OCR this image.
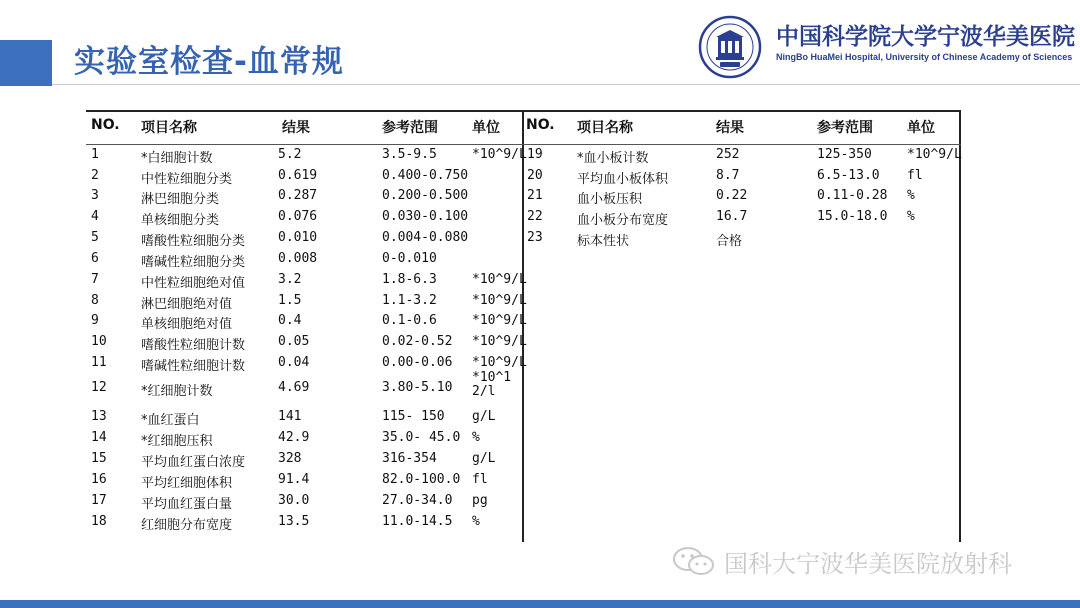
实验室检查-血常规
中国科学院大学宁波华美医院
NingBo HuaMei Hospital, University of Chinese Academy of Sciences
NO. 项目名称	结果	参考范围 单位 NO. 项目名称	结果	参考范围 单位
1	*白细胞计数	5.2	3.5-9.5	*10^9/L
2	中性粒细胞分类	0.619	0.400-0.750
3	淋巴细胞分类	0.287	0.200-0.500
4	单核细胞分类	0.076	0.030-0.100
5	嗜酸性粒细胞分类	0.010	0.004-0.080
6	嗜碱性粒细胞分类	0.008	0-0.010
7	中性粒细胞绝对值	3.2	1.8-6.3	*10^9/L
8	淋巴细胞绝对值	1.5	1.1-3.2	*10^9/L
9	单核细胞绝对值	0.4	0.1-0.6	*10^9/L
10	嗜酸性粒细胞计数	0.05	0.02-0.52 *10^9/L
11	嗜碱性粒细胞计数	0.04	0.00-0.06 *10^9/L
12	*红细胞计数	4.69	3.80-5.10
*10^12/l
13	*血红蛋白	141	115- 150 g/L
14	*红细胞压积	42.9	35.0- 45.0 %
15	平均血红蛋白浓度	328	316-354	g/L
16	平均红细胞体积	91.4	82.0-100.0 fl
17	平均血红蛋白量	30.0	27.0-34.0 pg
18	红细胞分布宽度	13.5	11.0-14.5 %
19	*血小板计数	252	125-350	*10^9/L
20	平均血小板体积	8.7	6.5-13.0 fl
21	血小板压积	0.22	0.11-0.28 %
22	血小板分布宽度	16.7	15.0-18.0 %
23	标本性状	合格
国科大宁波华美医院放射科
